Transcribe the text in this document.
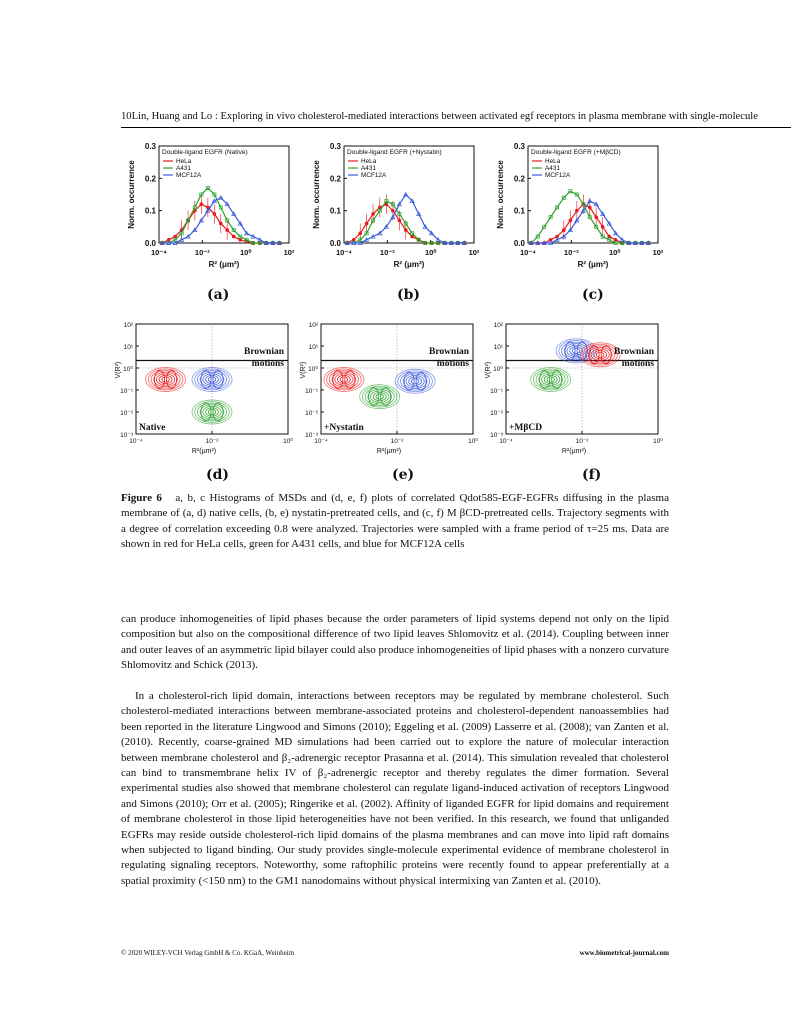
10Lin, Huang and Lo : Exploring in vivo cholesterol-mediated interactions between activated egf receptors in plasma membrane with single-molecule
0.0
0.1
0.2
0.3
10⁻⁴	10⁻²	10⁰	10²
Double-ligand EGFR (Native)
HeLa
A431
MCF12A
R² (μm²)
Norm. occurrence
0.0
0.1
0.2
0.3
10⁻⁴	10⁻²	10⁰	10²
Double-ligand EGFR (+Nystatin)
HeLa
A431
MCF12A
R² (μm²)
Norm. occurrence
0.0
0.1
0.2
0.3
10⁻⁴	10⁻²	10⁰	10²
Double-ligand EGFR (+MβCD)
HeLa
A431
MCF12A
R² (μm²)
Norm. occurrence
(a)	(b)	(c)
10⁻³
10⁻²
10⁻¹
10⁰
10¹
10²
10⁻⁴	10⁻²	10⁰
Brownian
motions
Native
R²(μm²)
V(R²)
10⁻³
10⁻²
10⁻¹
10⁰
10¹
10²
10⁻⁴	10⁻²	10⁰
Brownian
motions
+Nystatin
R²(μm²)
V(R²)
10⁻³
10⁻²
10⁻¹
10⁰
10¹
10²
10⁻⁴	10⁻²	10⁰
Brownian
motions
+MβCD
R²(μm²)
V(R²)
(d)	(e)	(f)
Figure 6 a, b, c Histograms of MSDs and (d, e, f) plots of correlated Qdot585-EGF-EGFRs diffusing in the plasma membrane of (a, d) native cells, (b, e) nystatin-pretreated cells, and (c, f) M βCD-pretreated cells. Trajectory segments with a degree of correlation exceeding 0.8 were analyzed. Trajectories were sampled with a frame period of τ=25 ms. Data are shown in red for HeLa cells, green for A431 cells, and blue for MCF12A cells

can produce inhomogeneities of lipid phases because the order parameters of lipid systems depend not only on the lipid composition but also on the compositional difference of two lipid leaves Shlomovitz et al. (2014). Coupling between inner and outer leaves of an asymmetric lipid bilayer could also produce inhomogeneities of lipid phases with a nonzero curvature Shlomovitz and Schick (2013).

In a cholesterol-rich lipid domain, interactions between receptors may be regulated by membrane cholesterol. Such cholesterol-mediated interactions between membrane-associated proteins and cholesterol-dependent nanoassemblies had been reported in the literature Lingwood and Simons (2010); Eggeling et al. (2009) Lasserre et al. (2008); van Zanten et al. (2010). Recently, coarse-grained MD simulations had been carried out to explore the nature of molecular interaction between membrane cholesterol and β₂-adrenergic receptor Prasanna et al. (2014). This simulation revealed that cholesterol can bind to transmembrane helix IV of β₂-adrenergic receptor and thereby regulates the dimer formation. Several experimental studies also showed that membrane cholesterol can regulate ligand-induced activation of receptors Lingwood and Simons (2010); Orr et al. (2005); Ringerike et al. (2002). Affinity of liganded EGFR for lipid domains and requirement of membrane cholesterol in those lipid heterogeneities have not been verified. In this research, we found that unliganded EGFRs may reside outside cholesterol-rich lipid domains of the plasma membranes and can move into lipid raft domains when subjected to ligand binding. Our study provides single-molecule experimental evidence of membrane cholesterol in regulating signaling receptors. Noteworthy, some raftophilic proteins were recently found to appear preferentially at a spatial proximity (<150 nm) to the GM1 nanodomains without physical intermixing van Zanten et al. (2010).

© 2020 WILEY-VCH Verlag GmbH & Co. KGaA, Weinheim	www.biometrical-journal.com
